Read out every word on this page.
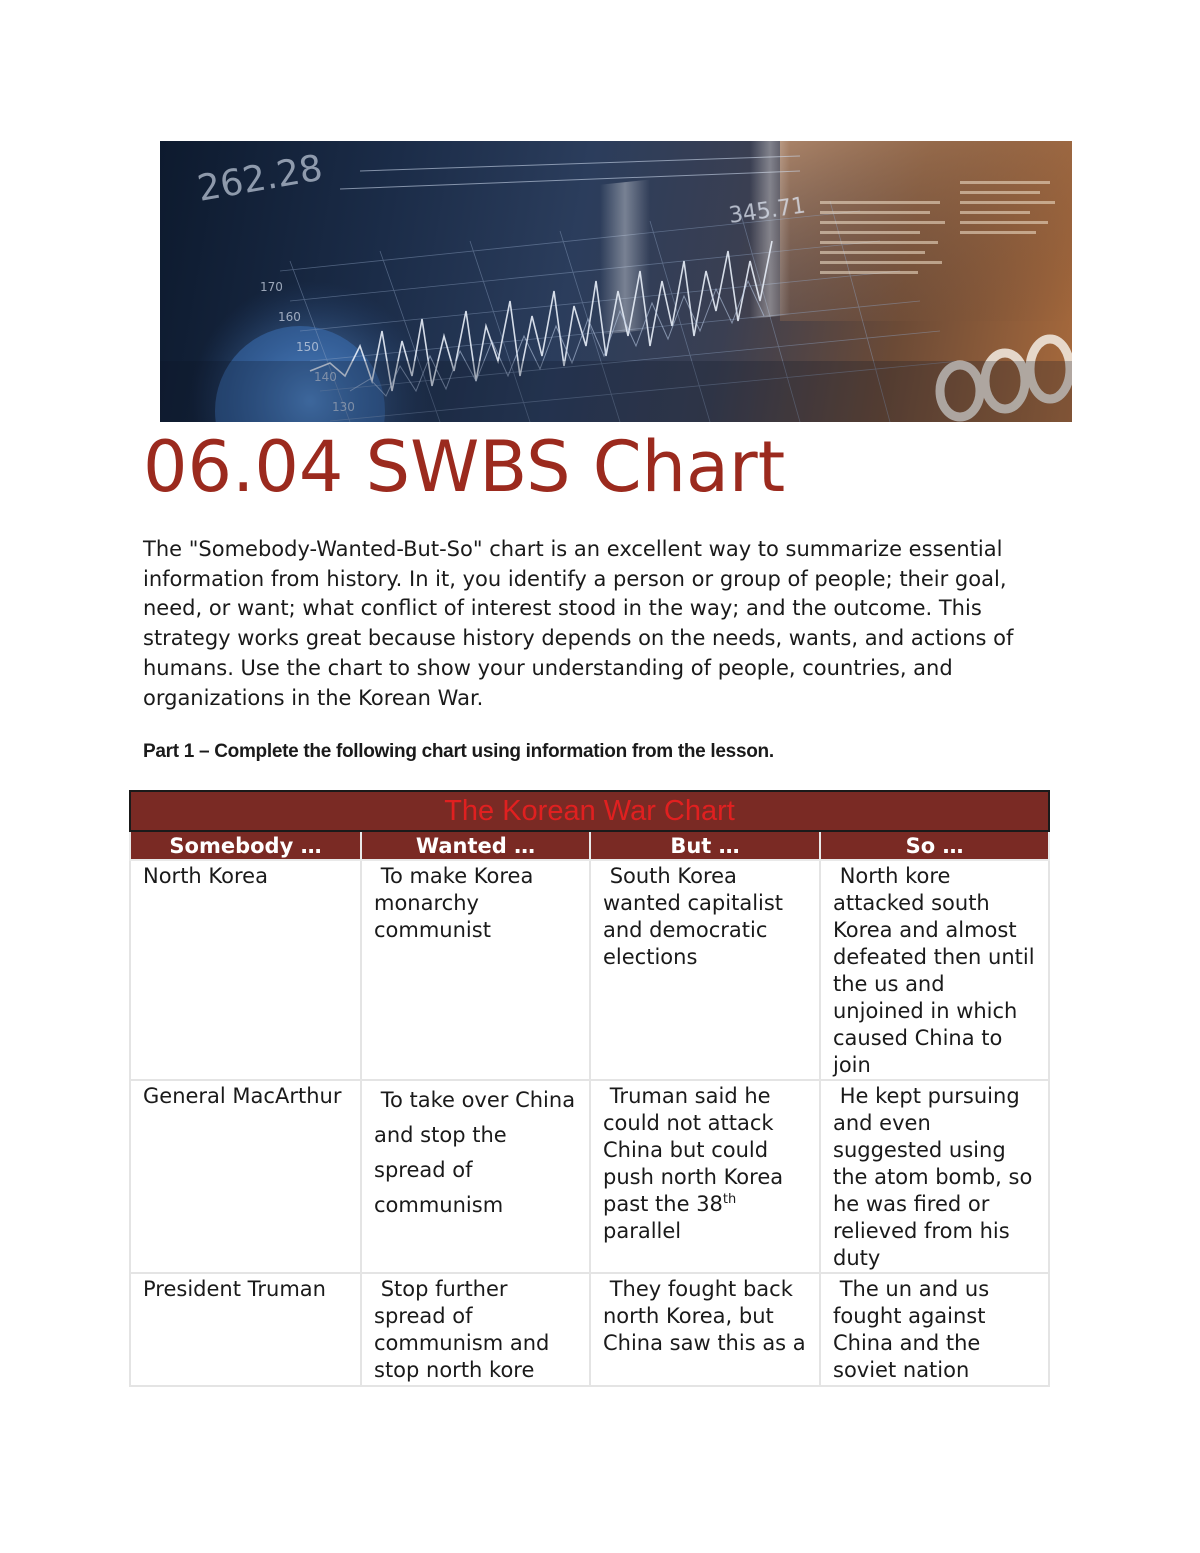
262.28
170
160
150
140
130
345.71
06.04 SWBS Chart

The "Somebody-Wanted-But-So" chart is an excellent way to summarize essential information from history. In it, you identify a person or group of people; their goal, need, or want; what conflict of interest stood in the way; and the outcome. This strategy works great because history depends on the needs, wants, and actions of humans. Use the chart to show your understanding of people, countries, and organizations in the Korean War.

Part 1 – Complete the following chart using information from the lesson.

The Korean War Chart			
Somebody …	Wanted …	But …	So …
North Korea	To make Korea monarchy communist	South Korea wanted capitalist and democratic elections	North kore attacked south Korea and almost defeated then until the us and unjoined in which caused China to join
General MacArthur	To take over China and stop the spread of communism	Truman said he could not attack China but could push north Korea past the 38th parallel	He kept pursuing and even suggested using the atom bomb, so he was fired or relieved from his duty
President Truman	Stop further spread of communism and stop north kore	They fought back north Korea, but China saw this as a	The un and us fought against China and the soviet nation
